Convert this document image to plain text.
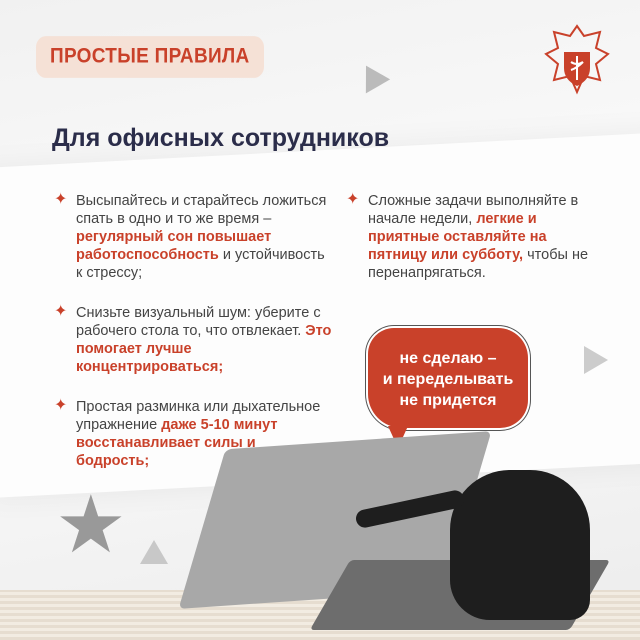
ПРОСТЫЕ ПРАВИЛА
Для офисных сотрудников
✦ Высыпайтесь и старайтесь ложиться спать в одно и то же время – регулярный сон повышает работоспособность и устойчивость к стрессу;
✦ Снизьте визуальный шум: уберите с рабочего стола то, что отвлекает. Это помогает лучше концентрироваться;
✦ Простая разминка или дыхательное упражнение даже 5-10 минут восстанавливает силы и бодрость;
✦ Сложные задачи выполняйте в начале недели, легкие и приятные оставляйте на пятницу или субботу, чтобы не перенапрягаться.
не сделаю –
и переделывать
не придется
★
